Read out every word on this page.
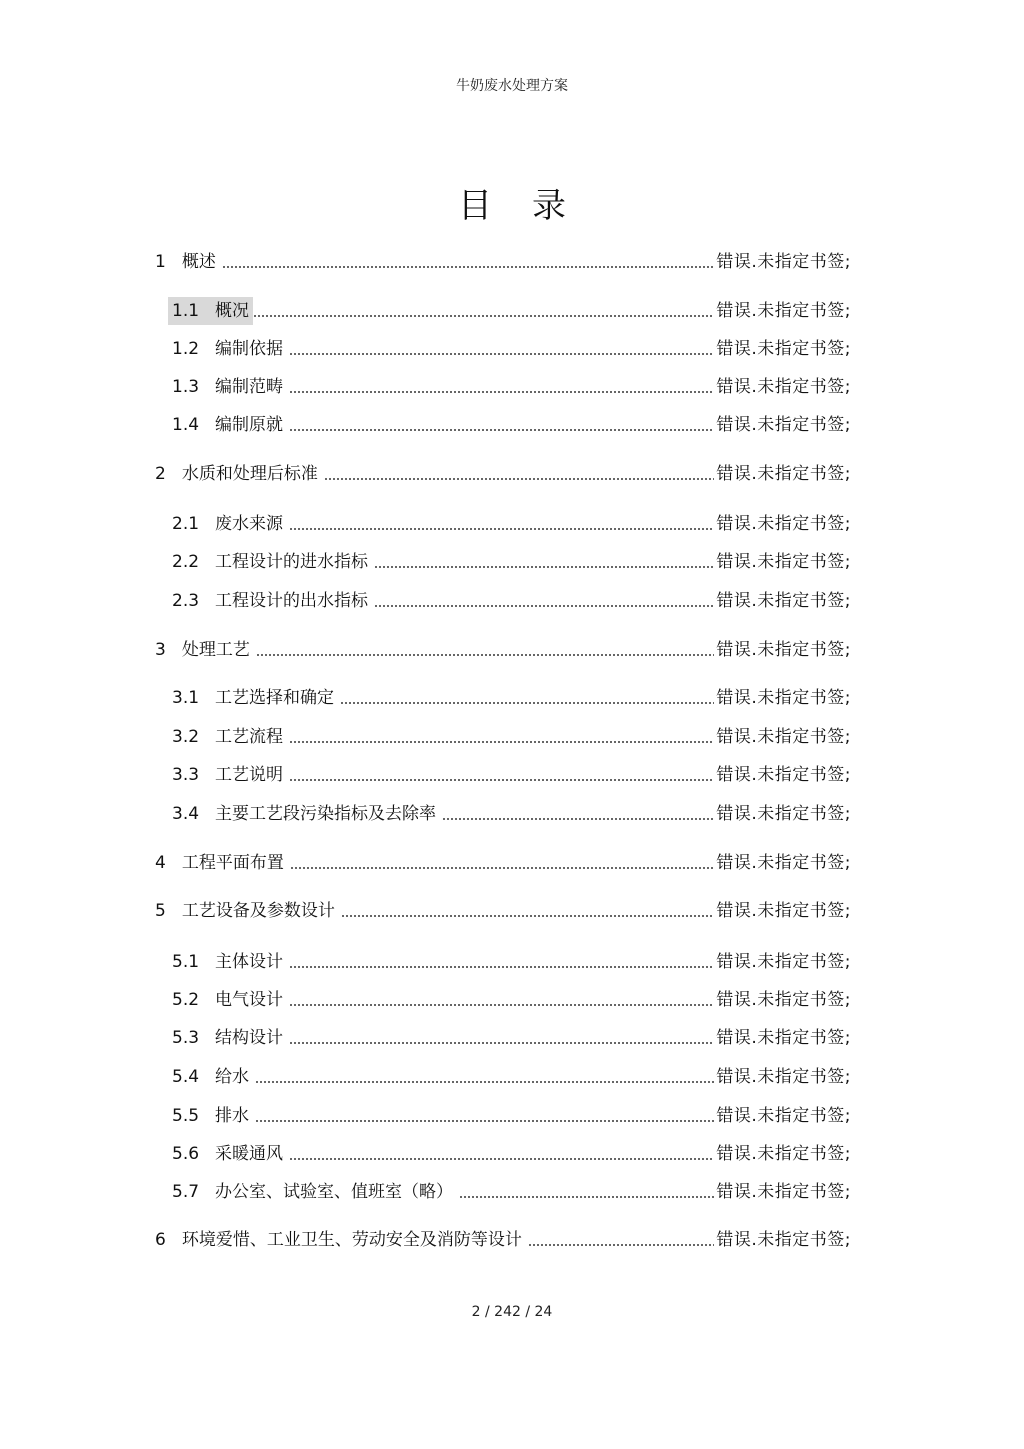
牛奶废水处理方案
目录
1 概述	错误.未指定书签;
1.1 概况	错误.未指定书签;
1.2 编制依据	错误.未指定书签;
1.3 编制范畴	错误.未指定书签;
1.4 编制原就	错误.未指定书签;
2 水质和处理后标准	错误.未指定书签;
2.1 废水来源	错误.未指定书签;
2.2 工程设计的进水指标	错误.未指定书签;
2.3 工程设计的出水指标	错误.未指定书签;
3 处理工艺	错误.未指定书签;
3.1 工艺选择和确定	错误.未指定书签;
3.2 工艺流程	错误.未指定书签;
3.3 工艺说明	错误.未指定书签;
3.4 主要工艺段污染指标及去除率	错误.未指定书签;
4 工程平面布置	错误.未指定书签;
5 工艺设备及参数设计	错误.未指定书签;
5.1 主体设计	错误.未指定书签;
5.2 电气设计	错误.未指定书签;
5.3 结构设计	错误.未指定书签;
5.4 给水	错误.未指定书签;
5.5 排水	错误.未指定书签;
5.6 采暖通风	错误.未指定书签;
5.7 办公室、试验室、值班室（略）	错误.未指定书签;
6 环境爱惜、工业卫生、劳动安全及消防等设计	错误.未指定书签;
2 / 242 / 24
